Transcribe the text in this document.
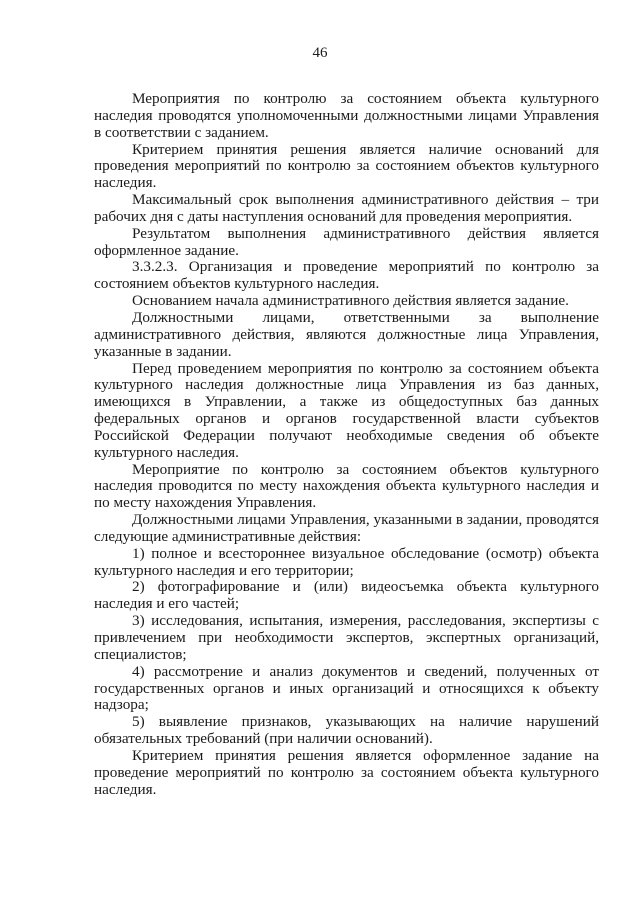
46

Мероприятия по контролю за состоянием объекта культурного наследия проводятся уполномоченными должностными лицами Управления в соответствии с заданием.

Критерием принятия решения является наличие оснований для проведения мероприятий по контролю за состоянием объектов культурного наследия.

Максимальный срок выполнения административного действия – три рабочих дня с даты наступления оснований для проведения мероприятия.

Результатом выполнения административного действия является оформленное задание.

3.3.2.3. Организация и проведение мероприятий по контролю за состоянием объектов культурного наследия.

Основанием начала административного действия является задание.

Должностными лицами, ответственными за выполнение административного действия, являются должностные лица Управления, указанные в задании.

Перед проведением мероприятия по контролю за состоянием объекта культурного наследия должностные лица Управления из баз данных, имеющихся в Управлении, а также из общедоступных баз данных федеральных органов и органов государственной власти субъектов Российской Федерации получают необходимые сведения об объекте культурного наследия.

Мероприятие по контролю за состоянием объектов культурного наследия проводится по месту нахождения объекта культурного наследия и по месту нахождения Управления.

Должностными лицами Управления, указанными в задании, проводятся следующие административные действия:

1) полное и всестороннее визуальное обследование (осмотр) объекта культурного наследия и его территории;

2) фотографирование и (или) видеосъемка объекта культурного наследия и его частей;

3) исследования, испытания, измерения, расследования, экспертизы с привлечением при необходимости экспертов, экспертных организаций, специалистов;

4) рассмотрение и анализ документов и сведений, полученных от государственных органов и иных организаций и относящихся к объекту надзора;

5) выявление признаков, указывающих на наличие нарушений обязательных требований (при наличии оснований).

Критерием принятия решения является оформленное задание на проведение мероприятий по контролю за состоянием объекта культурного наследия.
